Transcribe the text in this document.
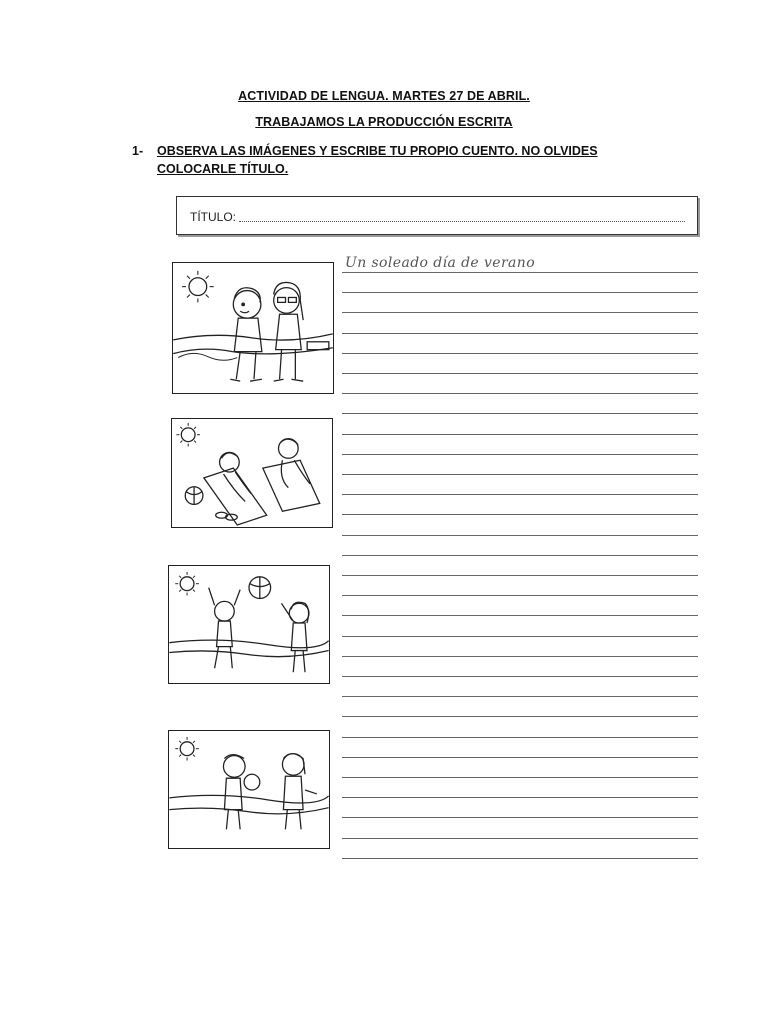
ACTIVIDAD DE LENGUA. MARTES 27 DE ABRIL.
TRABAJAMOS LA PRODUCCIÓN ESCRITA
1- OBSERVA LAS IMÁGENES Y ESCRIBE TU PROPIO CUENTO. NO OLVIDES COLOCARLE TÍTULO.
TÍTULO:
Un soleado día de verano
